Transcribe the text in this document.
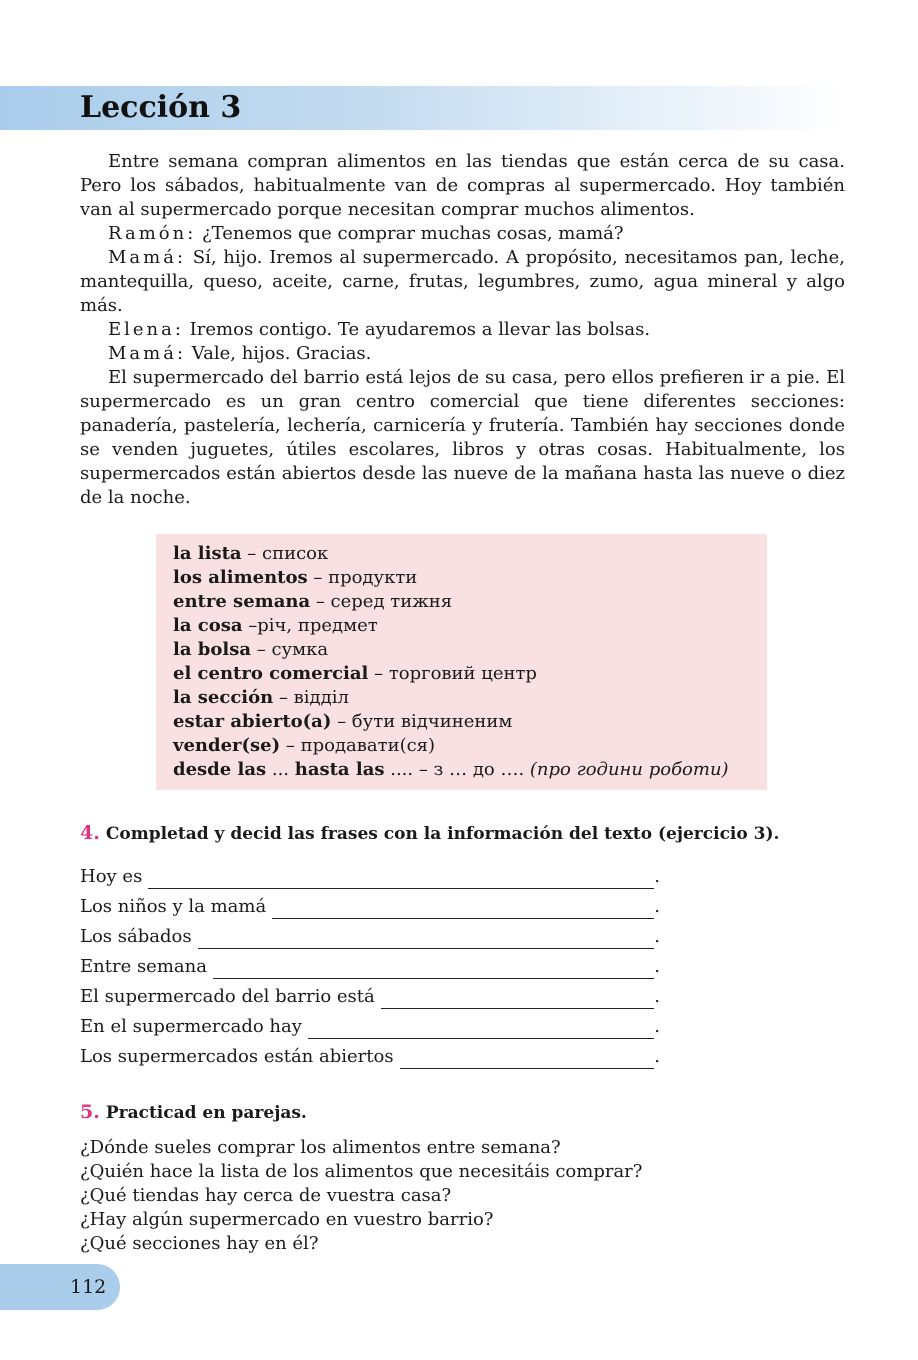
Lección 3

Entre semana compran alimentos en las tiendas que están cerca de su casa. Pero los sábados, habitualmente van de compras al supermercado. Hoy también van al supermercado porque necesitan comprar muchos alimentos.

Ramón: ¿Tenemos que comprar muchas cosas, mamá?

Mamá: Sí, hijo. Iremos al supermercado. A propósito, necesitamos pan, leche, mantequilla, queso, aceite, carne, frutas, legumbres, zumo, agua mineral y algo más.

Elena: Iremos contigo. Te ayudaremos a llevar las bolsas.

Mamá: Vale, hijos. Gracias.

El supermercado del barrio está lejos de su casa, pero ellos prefieren ir a pie. El supermercado es un gran centro comercial que tiene diferentes secciones: panadería, pastelería, lechería, carnicería y frutería. También hay secciones donde se venden juguetes, útiles escolares, libros y otras cosas. Habitualmente, los supermercados están abiertos desde las nueve de la mañana hasta las nueve o diez de la noche.

la lista – список
los alimentos – продукти
entre semana – серед тижня
la cosa –річ, предмет
la bolsa – сумка
el centro comercial – торговий центр
la sección – відділ
estar abierto(a) – бути відчиненим
vender(se) – продавати(ся)
desde las ... hasta las .... – з … до …. (про години роботи)
4. Completad y decid las frases con la información del texto (ejercicio 3).
Hoy es	.
Los niños y la mamá	.
Los sábados	.
Entre semana	.
El supermercado del barrio está	.
En el supermercado hay	.
Los supermercados están abiertos	.
5. Practicad en parejas.
¿Dónde sueles comprar los alimentos entre semana?
¿Quién hace la lista de los alimentos que necesitáis comprar?
¿Qué tiendas hay cerca de vuestra casa?
¿Hay algún supermercado en vuestro barrio?
¿Qué secciones hay en él?
112
